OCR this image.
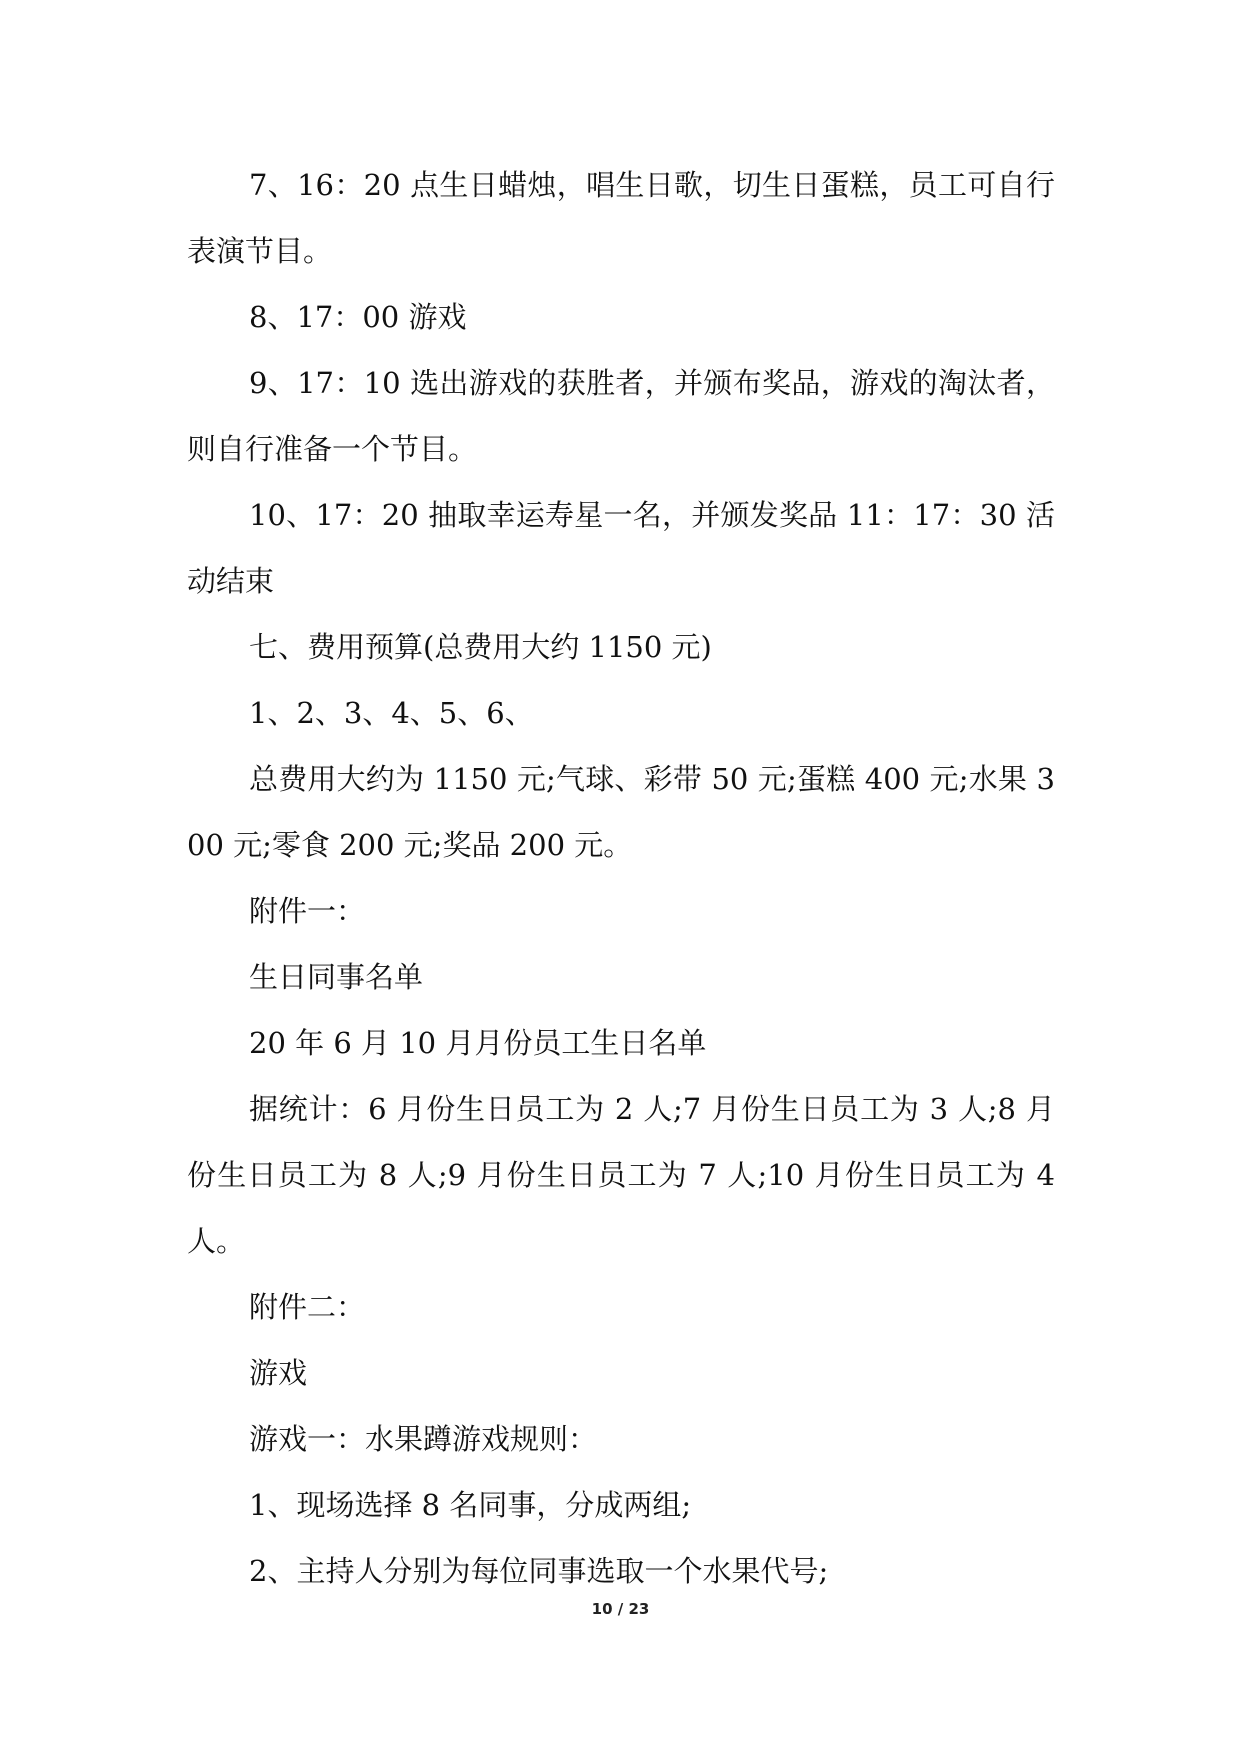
7、16：20 点生日蜡烛，唱生日歌，切生日蛋糕，员工可自行表演节目。

8、17：00 游戏

9、17：10 选出游戏的获胜者，并颁布奖品，游戏的淘汰者，则自行准备一个节目。

10、17：20 抽取幸运寿星一名，并颁发奖品 11：17：30 活动结束

七、费用预算(总费用大约 1150 元)

1、2、3、4、5、6、

总费用大约为 1150 元;气球、彩带 50 元;蛋糕 400 元;水果 300 元;零食 200 元;奖品 200 元。

附件一：

生日同事名单

20 年 6 月 10 月月份员工生日名单

据统计：6 月份生日员工为 2 人;7 月份生日员工为 3 人;8 月份生日员工为 8 人;9 月份生日员工为 7 人;10 月份生日员工为 4 人。

附件二：

游戏

游戏一：水果蹲游戏规则：

1、现场选择 8 名同事，分成两组;

2、主持人分别为每位同事选取一个水果代号;

10 / 23
